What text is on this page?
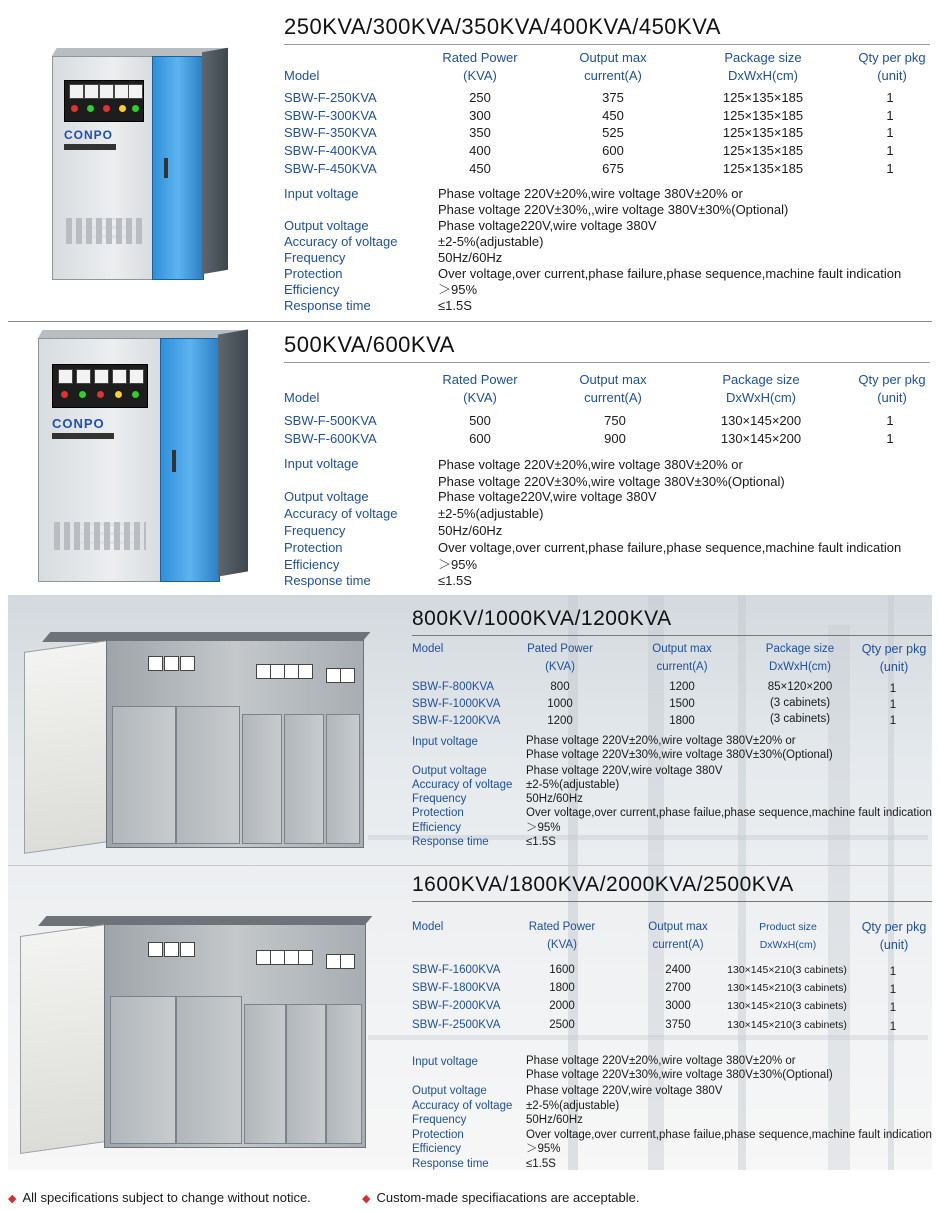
CONPO
250KVA/300KVA/350KVA/400KVA/450KVA
Model
Rated Power
(KVA)
Output max
current(A)
Package size
DxWxH(cm)
Qty per pkg
(unit)
SBW-F-250KVA	250	375	125×135×185	1
SBW-F-300KVA	300	450	125×135×185	1
SBW-F-350KVA	350	525	125×135×185	1
SBW-F-400KVA	400	600	125×135×185	1
SBW-F-450KVA	450	675	125×135×185	1
Input voltage	Phase voltage 220V±20%,wire voltage 380V±20% or
Phase voltage 220V±30%,,wire voltage 380V±30%(Optional)
Output voltage	Phase voltage220V,wire voltage 380V
Accuracy of voltage	±2-5%(adjustable)
Frequency	50Hz/60Hz
Protection	Over voltage,over current,phase failure,phase sequence,machine fault indication
Efficiency	＞95%
Response time	≤1.5S
CONPO
500KVA/600KVA
Model
Rated Power
(KVA)
Output max
current(A)
Package size
DxWxH(cm)
Qty per pkg
(unit)
SBW-F-500KVA	500	750	130×145×200	1
SBW-F-600KVA	600	900	130×145×200	1
Input voltage	Phase voltage 220V±20%,wire voltage 380V±20% or
Phase voltage 220V±30%,wire voltage 380V±30%(Optional)
Output voltage	Phase voltage220V,wire voltage 380V
Accuracy of voltage	±2-5%(adjustable)
Frequency	50Hz/60Hz
Protection	Over voltage,over current,phase failure,phase sequence,machine fault indication
Efficiency	＞95%
Response time	≤1.5S
800KV/1000KVA/1200KVA
Model	Pated Power
(KVA)
Output max
current(A)
Package size
DxWxH(cm)
Qty per pkg
(unit)
SBW-F-800KVA	800	1200	85×120×200	1
SBW-F-1000KVA	1000	1500	(3 cabinets)	1
SBW-F-1200KVA	1200	1800	(3 cabinets)	1
Input voltage	Phase voltage 220V±20%,wire voltage 380V±20% or
Phase voltage 220V±30%,wire voltage 380V±30%(Optional)
Output voltage	Phase voltage 220V,wire voltage 380V
Accuracy of voltage ±2-5%(adjustable)
Frequency	50Hz/60Hz
Protection	Over voltage,over current,phase failue,phase sequence,machine fault indication
Efficiency	＞95%
Response time	≤1.5S
1600KVA/1800KVA/2000KVA/2500KVA
Model	Rated Power
(KVA)
Output max
current(A)
Product size
DxWxH(cm)
Qty per pkg
(unit)
SBW-F-1600KVA	1600	2400	130×145×210(3 cabinets)	1
SBW-F-1800KVA	1800	2700	130×145×210(3 cabinets)	1
SBW-F-2000KVA	2000	3000	130×145×210(3 cabinets)	1
SBW-F-2500KVA	2500	3750	130×145×210(3 cabinets)	1
Input voltage	Phase voltage 220V±20%,wire voltage 380V±20% or
Phase voltage 220V±30%,wire voltage 380V±30%(Optional)
Output voltage	Phase voltage 220V,wire voltage 380V
Accuracy of voltage ±2-5%(adjustable)
Frequency	50Hz/60Hz
Protection	Over voltage,over current,phase failue,phase sequence,machine fault indication
Efficiency	＞95%
Response time	≤1.5S
◆ All specifications subject to change without notice.	◆ Custom-made specifiacations are acceptable.
